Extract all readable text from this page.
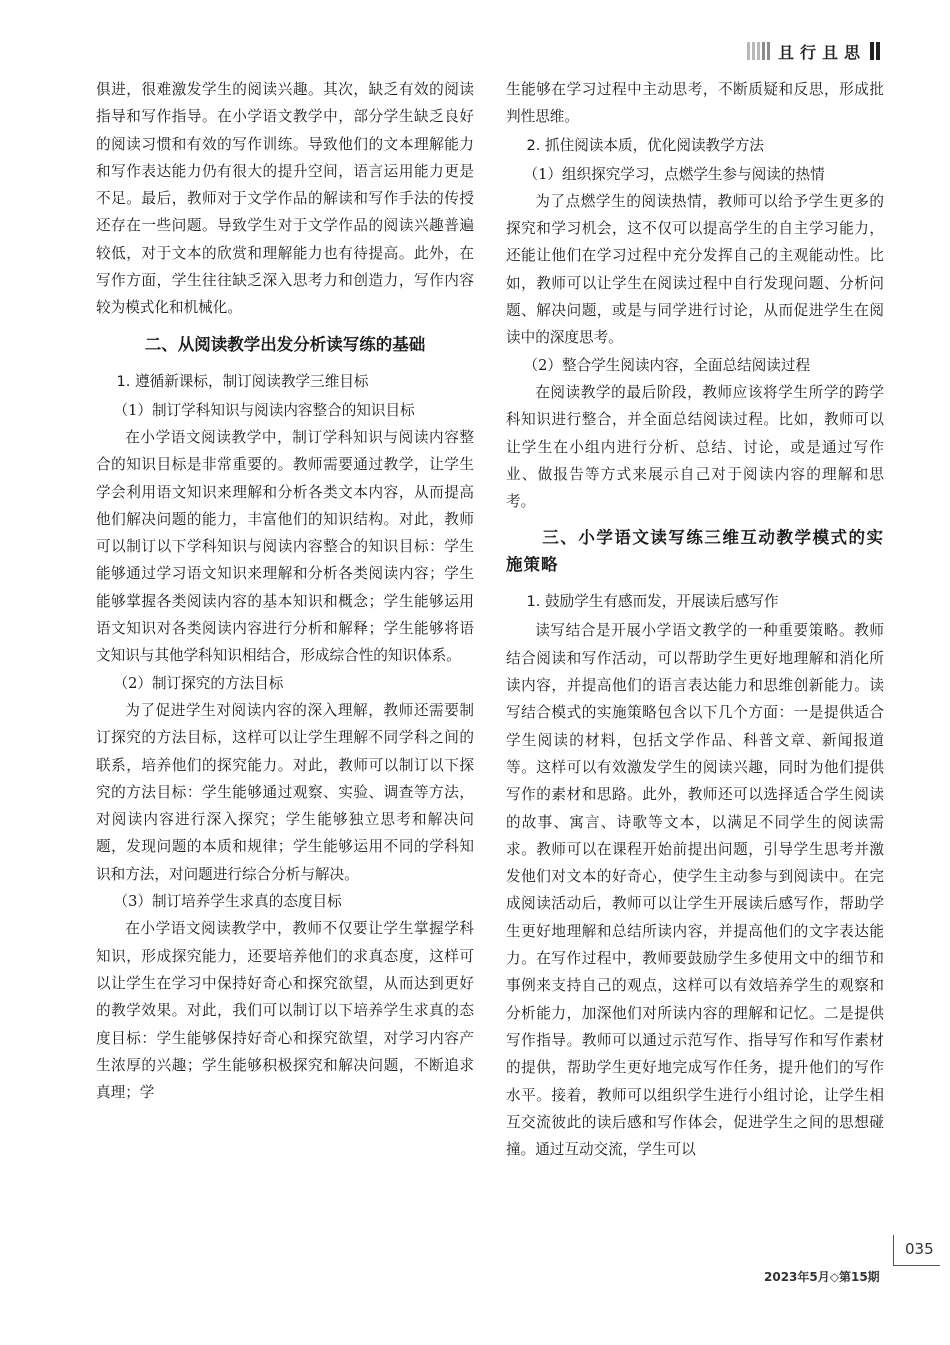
且行且思

俱进，很难激发学生的阅读兴趣。其次，缺乏有效的阅读指导和写作指导。在小学语文教学中，部分学生缺乏良好的阅读习惯和有效的写作训练。导致他们的文本理解能力和写作表达能力仍有很大的提升空间，语言运用能力更是不足。最后，教师对于文学作品的解读和写作手法的传授还存在一些问题。导致学生对于文学作品的阅读兴趣普遍较低，对于文本的欣赏和理解能力也有待提高。此外，在写作方面，学生往往缺乏深入思考力和创造力，写作内容较为模式化和机械化。

二、从阅读教学出发分析读写练的基础
1. 遵循新课标，制订阅读教学三维目标

（1）制订学科知识与阅读内容整合的知识目标

在小学语文阅读教学中，制订学科知识与阅读内容整合的知识目标是非常重要的。教师需要通过教学，让学生学会利用语文知识来理解和分析各类文本内容，从而提高他们解决问题的能力，丰富他们的知识结构。对此，教师可以制订以下学科知识与阅读内容整合的知识目标：学生能够通过学习语文知识来理解和分析各类阅读内容；学生能够掌握各类阅读内容的基本知识和概念；学生能够运用语文知识对各类阅读内容进行分析和解释；学生能够将语文知识与其他学科知识相结合，形成综合性的知识体系。

（2）制订探究的方法目标

为了促进学生对阅读内容的深入理解，教师还需要制订探究的方法目标，这样可以让学生理解不同学科之间的联系，培养他们的探究能力。对此，教师可以制订以下探究的方法目标：学生能够通过观察、实验、调查等方法，对阅读内容进行深入探究；学生能够独立思考和解决问题，发现问题的本质和规律；学生能够运用不同的学科知识和方法，对问题进行综合分析与解决。

（3）制订培养学生求真的态度目标

在小学语文阅读教学中，教师不仅要让学生掌握学科知识，形成探究能力，还要培养他们的求真态度，这样可以让学生在学习中保持好奇心和探究欲望，从而达到更好的教学效果。对此，我们可以制订以下培养学生求真的态度目标：学生能够保持好奇心和探究欲望，对学习内容产生浓厚的兴趣；学生能够积极探究和解决问题，不断追求真理；学

生能够在学习过程中主动思考，不断质疑和反思，形成批判性思维。

2. 抓住阅读本质，优化阅读教学方法

（1）组织探究学习，点燃学生参与阅读的热情

为了点燃学生的阅读热情，教师可以给予学生更多的探究和学习机会，这不仅可以提高学生的自主学习能力，还能让他们在学习过程中充分发挥自己的主观能动性。比如，教师可以让学生在阅读过程中自行发现问题、分析问题、解决问题，或是与同学进行讨论，从而促进学生在阅读中的深度思考。

（2）整合学生阅读内容，全面总结阅读过程

在阅读教学的最后阶段，教师应该将学生所学的跨学科知识进行整合，并全面总结阅读过程。比如，教师可以让学生在小组内进行分析、总结、讨论，或是通过写作业、做报告等方式来展示自己对于阅读内容的理解和思考。

三、小学语文读写练三维互动教学模式的实施策略
1. 鼓励学生有感而发，开展读后感写作

读写结合是开展小学语文教学的一种重要策略。教师结合阅读和写作活动，可以帮助学生更好地理解和消化所读内容，并提高他们的语言表达能力和思维创新能力。读写结合模式的实施策略包含以下几个方面：一是提供适合学生阅读的材料，包括文学作品、科普文章、新闻报道等。这样可以有效激发学生的阅读兴趣，同时为他们提供写作的素材和思路。此外，教师还可以选择适合学生阅读的故事、寓言、诗歌等文本，以满足不同学生的阅读需求。教师可以在课程开始前提出问题，引导学生思考并激发他们对文本的好奇心，使学生主动参与到阅读中。在完成阅读活动后，教师可以让学生开展读后感写作，帮助学生更好地理解和总结所读内容，并提高他们的文字表达能力。在写作过程中，教师要鼓励学生多使用文中的细节和事例来支持自己的观点，这样可以有效培养学生的观察和分析能力，加深他们对所读内容的理解和记忆。二是提供写作指导。教师可以通过示范写作、指导写作和写作素材的提供，帮助学生更好地完成写作任务，提升他们的写作水平。接着，教师可以组织学生进行小组讨论，让学生相互交流彼此的读后感和写作体会，促进学生之间的思想碰撞。通过互动交流，学生可以

035
2023年5月◇第15期
